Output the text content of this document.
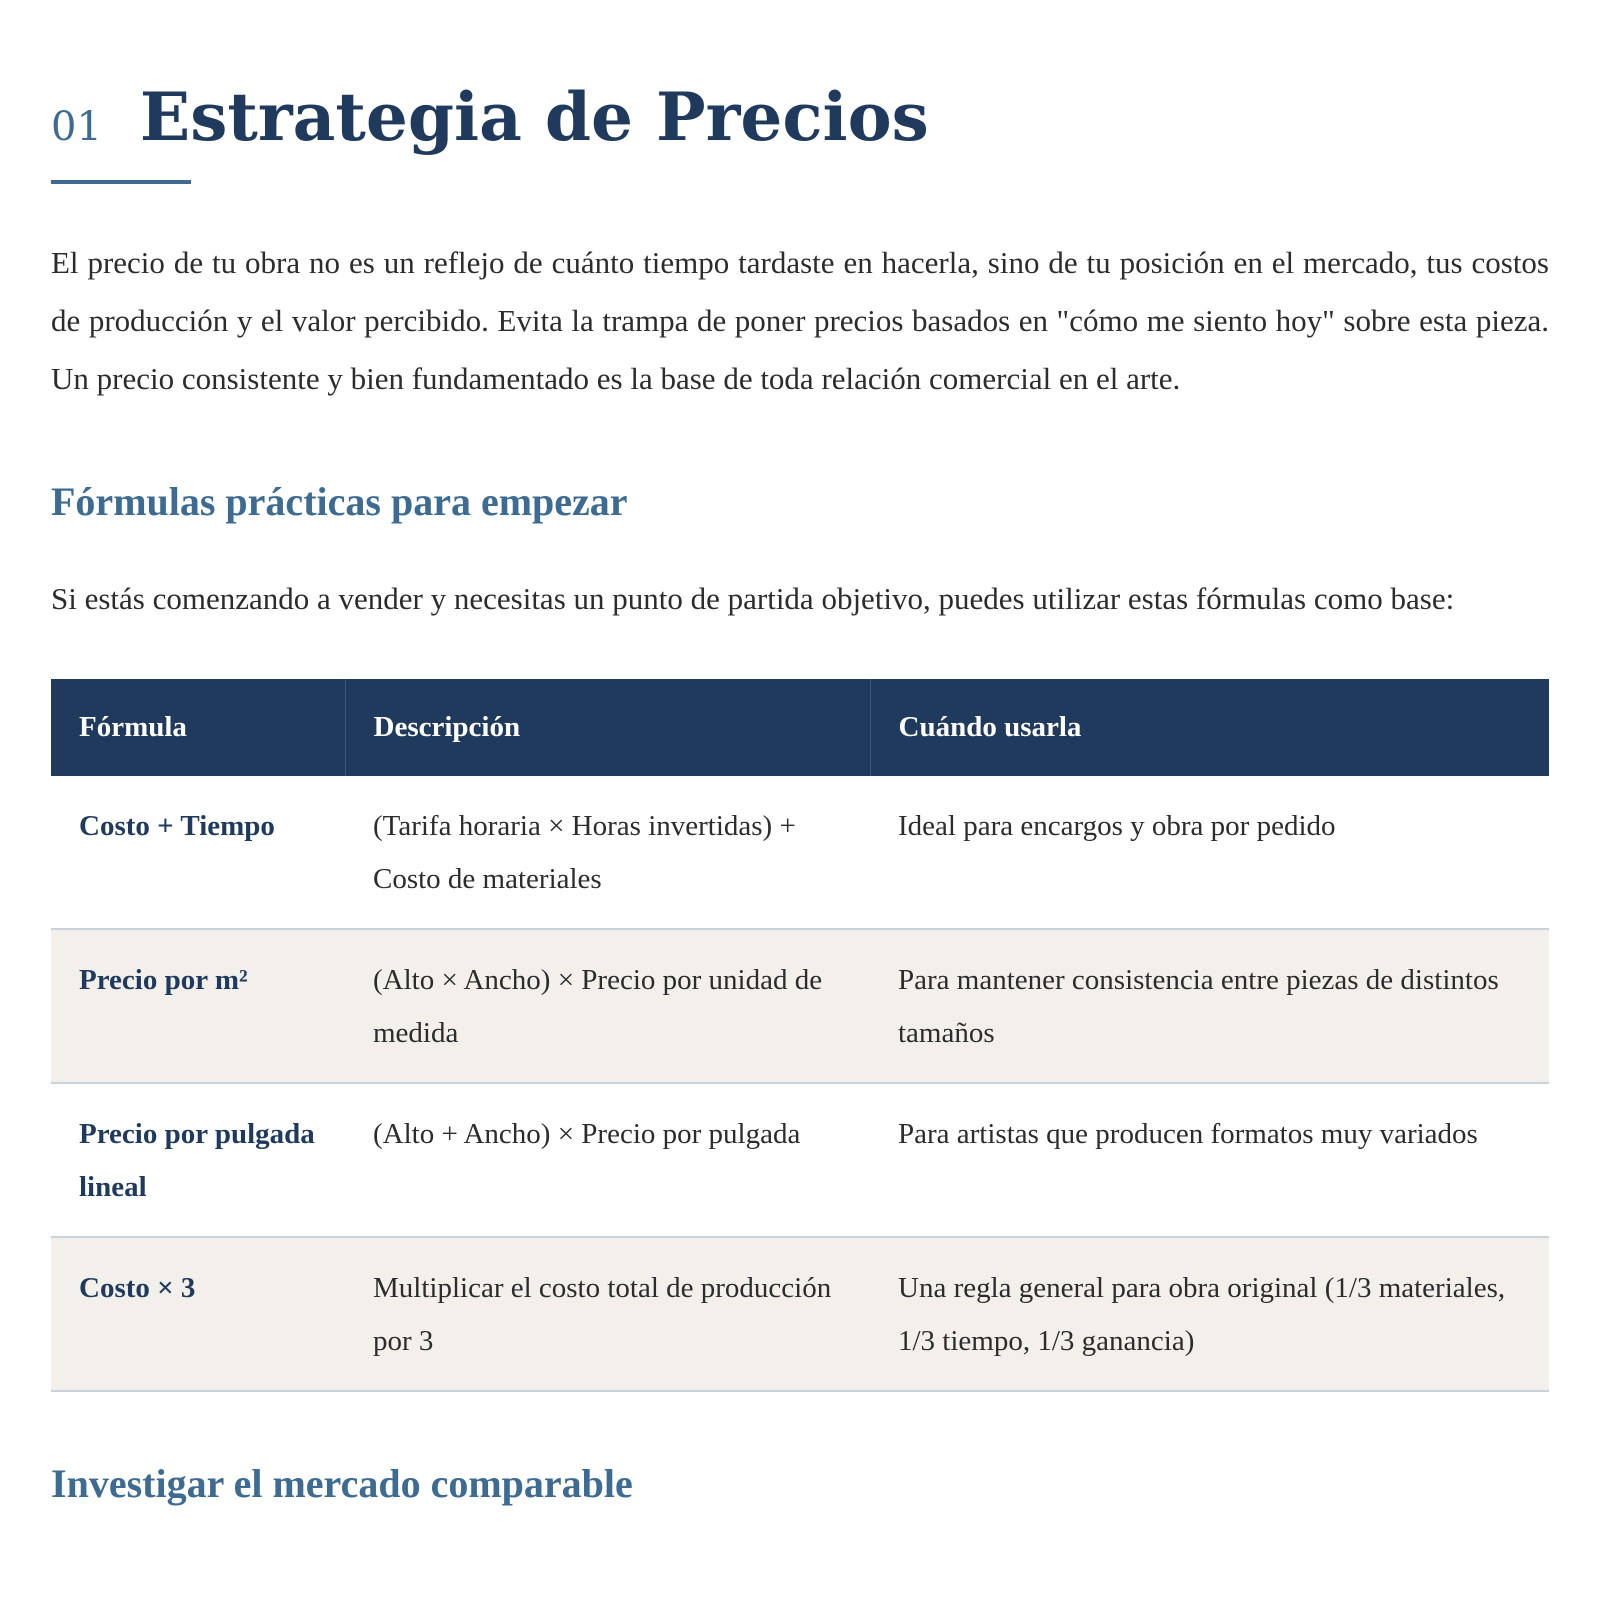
01 Estrategia de Precios

El precio de tu obra no es un reflejo de cuánto tiempo tardaste en hacerla, sino de tu posición en el mercado, tus costos de producción y el valor percibido. Evita la trampa de poner precios basados en "cómo me siento hoy" sobre esta pieza. Un precio consistente y bien fundamentado es la base de toda relación comercial en el arte.

Fórmulas prácticas para empezar

Si estás comenzando a vender y necesitas un punto de partida objetivo, puedes utilizar estas fórmulas como base:

Fórmula	Descripción	Cuándo usarla
Costo + Tiempo	(Tarifa horaria × Horas invertidas) + Costo de materiales	Ideal para encargos y obra por pedido
Precio por m²	(Alto × Ancho) × Precio por unidad de medida	Para mantener consistencia entre piezas de distintos tamaños
Precio por pulgada lineal	(Alto + Ancho) × Precio por pulgada	Para artistas que producen formatos muy variados
Costo × 3	Multiplicar el costo total de producción por 3	Una regla general para obra original (1/3 materiales, 1/3 tiempo, 1/3 ganancia)
Investigar el mercado comparable
